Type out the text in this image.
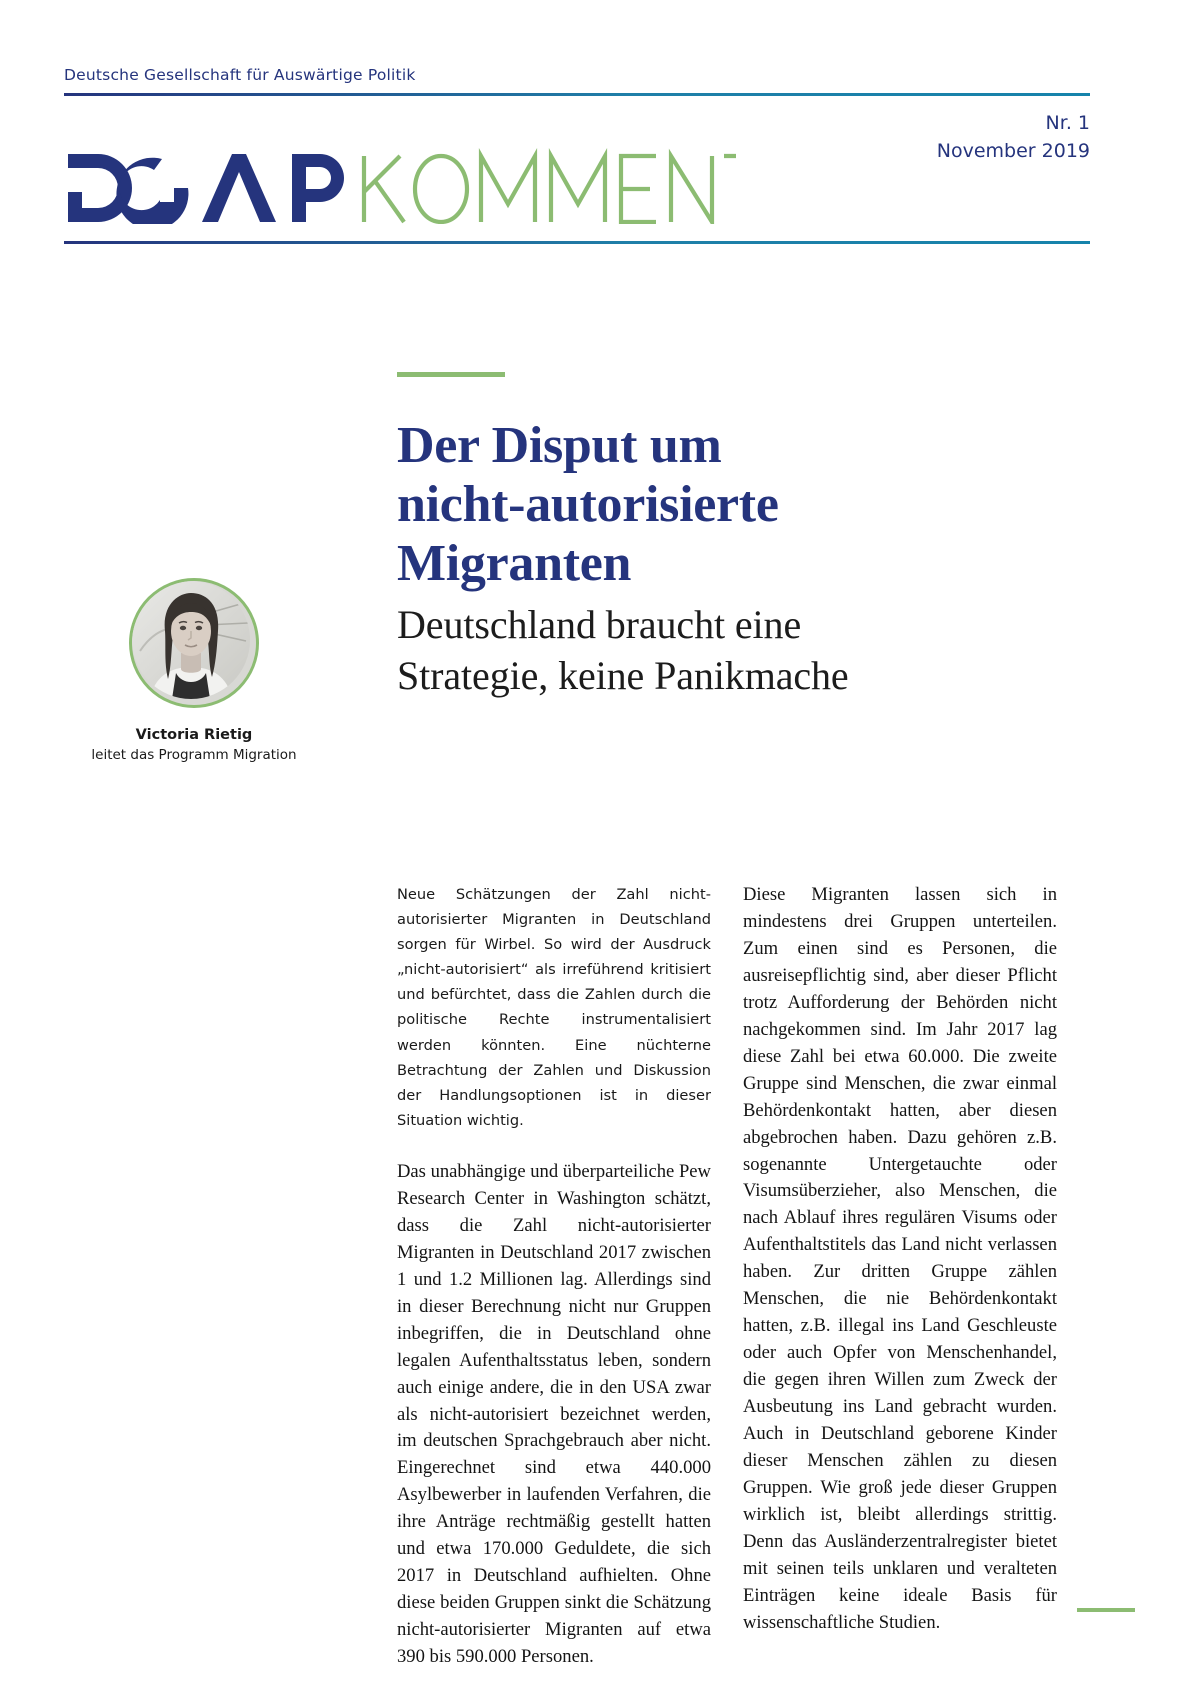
Deutsche Gesellschaft für Auswärtige Politik
Nr. 1
November 2019
Der Disput um
nicht-autorisierte
Migranten
Deutschland braucht eine
Strategie, keine Panikmache
Victoria Rietig
leitet das Programm Migration

Neue Schätzungen der Zahl nicht-autorisierter Migranten in Deutschland sorgen für Wirbel. So wird der Ausdruck „nicht-autorisiert“ als irreführend kritisiert und befürchtet, dass die Zahlen durch die politische Rechte instrumentalisiert werden könnten. Eine nüchterne Betrachtung der Zahlen und Diskussion der Handlungsoptionen ist in dieser Situation wichtig.

Das unabhängige und überparteiliche Pew Research Center in Washington schätzt, dass die Zahl nicht-autorisierter Migranten in Deutschland 2017 zwischen 1 und 1.2 Millionen lag. Allerdings sind in dieser Berechnung nicht nur Gruppen inbegriffen, die in Deutschland ohne legalen Aufenthaltsstatus leben, sondern auch einige andere, die in den USA zwar als nicht-autorisiert bezeichnet werden, im deutschen Sprachgebrauch aber nicht. Eingerechnet sind etwa 440.000 Asylbewerber in laufenden Verfahren, die ihre Anträge rechtmäßig gestellt hatten und etwa 170.000 Geduldete, die sich 2017 in Deutschland aufhielten. Ohne diese beiden Gruppen sinkt die Schätzung nicht-autorisierter Migranten auf etwa 390 bis 590.000 Personen.

Diese Migranten lassen sich in mindestens drei Gruppen unterteilen. Zum einen sind es Personen, die ausreisepflichtig sind, aber dieser Pflicht trotz Aufforderung der Behörden nicht nachgekommen sind. Im Jahr 2017 lag diese Zahl bei etwa 60.000. Die zweite Gruppe sind Menschen, die zwar einmal Behördenkontakt hatten, aber diesen abgebrochen haben. Dazu gehören z.B. sogenannte Untergetauchte oder Visumsüberzieher, also Menschen, die nach Ablauf ihres regulären Visums oder Aufenthaltstitels das Land nicht verlassen haben. Zur dritten Gruppe zählen Menschen, die nie Behördenkontakt hatten, z.B. illegal ins Land Geschleuste oder auch Opfer von Menschenhandel, die gegen ihren Willen zum Zweck der Ausbeutung ins Land gebracht wurden. Auch in Deutschland geborene Kinder dieser Menschen zählen zu diesen Gruppen. Wie groß jede dieser Gruppen wirklich ist, bleibt allerdings strittig. Denn das Ausländerzentralregister bietet mit seinen teils unklaren und veralteten Einträgen keine ideale Basis für wissenschaftliche Studien.
